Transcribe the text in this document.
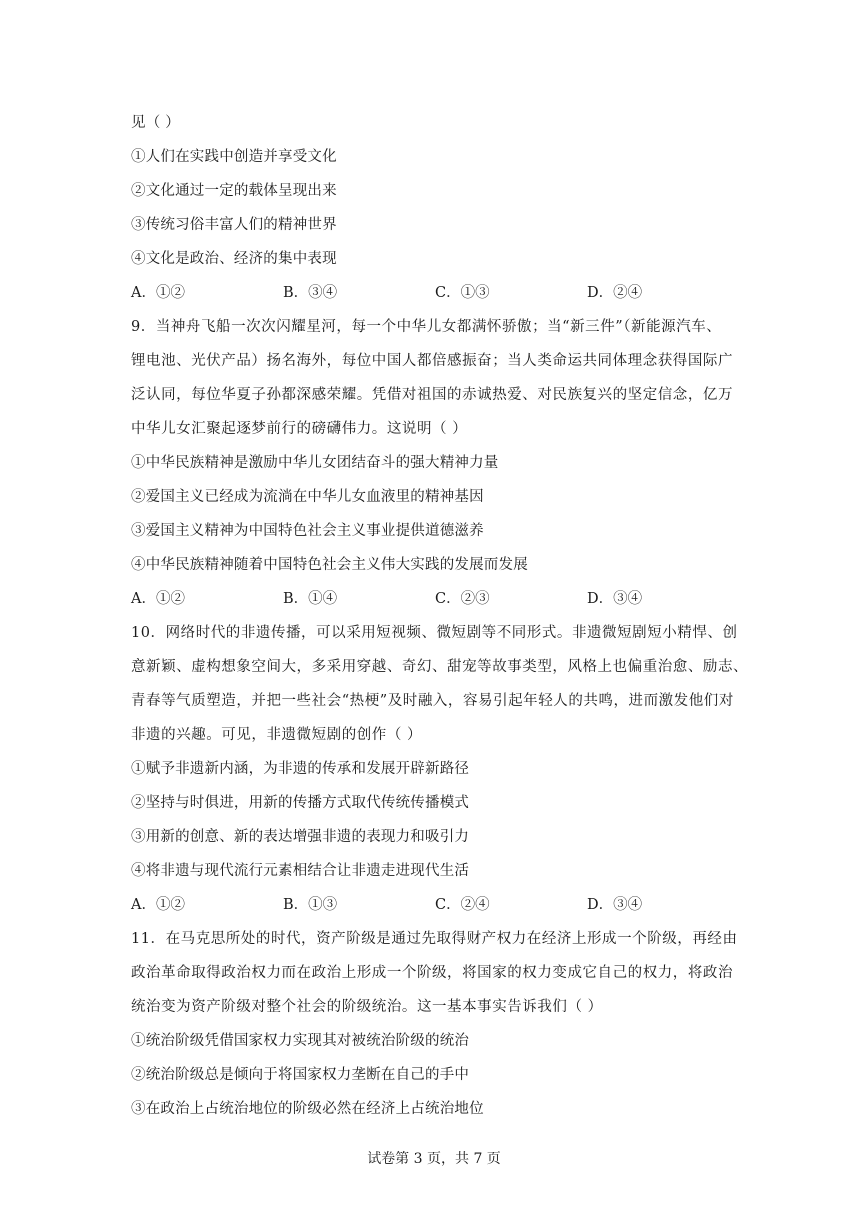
见（ ）
①人们在实践中创造并享受文化
②文化通过一定的载体呈现出来
③传统习俗丰富人们的精神世界
④文化是政治、经济的集中表现
A．①②	B．③④	C．①③	D．②④
9．当神舟飞船一次次闪耀星河，每一个中华儿女都满怀骄傲；当“新三件”（新能源汽车、
锂电池、光伏产品）扬名海外，每位中国人都倍感振奋；当人类命运共同体理念获得国际广
泛认同，每位华夏子孙都深感荣耀。凭借对祖国的赤诚热爱、对民族复兴的坚定信念，亿万
中华儿女汇聚起逐梦前行的磅礴伟力。这说明（ ）
①中华民族精神是激励中华儿女团结奋斗的强大精神力量
②爱国主义已经成为流淌在中华儿女血液里的精神基因
③爱国主义精神为中国特色社会主义事业提供道德滋养
④中华民族精神随着中国特色社会主义伟大实践的发展而发展
A．①②	B．①④	C．②③	D．③④
10．网络时代的非遗传播，可以采用短视频、微短剧等不同形式。非遗微短剧短小精悍、创
意新颖、虚构想象空间大，多采用穿越、奇幻、甜宠等故事类型，风格上也偏重治愈、励志、
青春等气质塑造，并把一些社会“热梗”及时融入，容易引起年轻人的共鸣，进而激发他们对
非遗的兴趣。可见，非遗微短剧的创作（ ）
①赋予非遗新内涵，为非遗的传承和发展开辟新路径
②坚持与时俱进，用新的传播方式取代传统传播模式
③用新的创意、新的表达增强非遗的表现力和吸引力
④将非遗与现代流行元素相结合让非遗走进现代生活
A．①②	B．①③	C．②④	D．③④
11．在马克思所处的时代，资产阶级是通过先取得财产权力在经济上形成一个阶级，再经由
政治革命取得政治权力而在政治上形成一个阶级，将国家的权力变成它自己的权力，将政治
统治变为资产阶级对整个社会的阶级统治。这一基本事实告诉我们（ ）
①统治阶级凭借国家权力实现其对被统治阶级的统治
②统治阶级总是倾向于将国家权力垄断在自己的手中
③在政治上占统治地位的阶级必然在经济上占统治地位
试卷第 3 页，共 7 页
